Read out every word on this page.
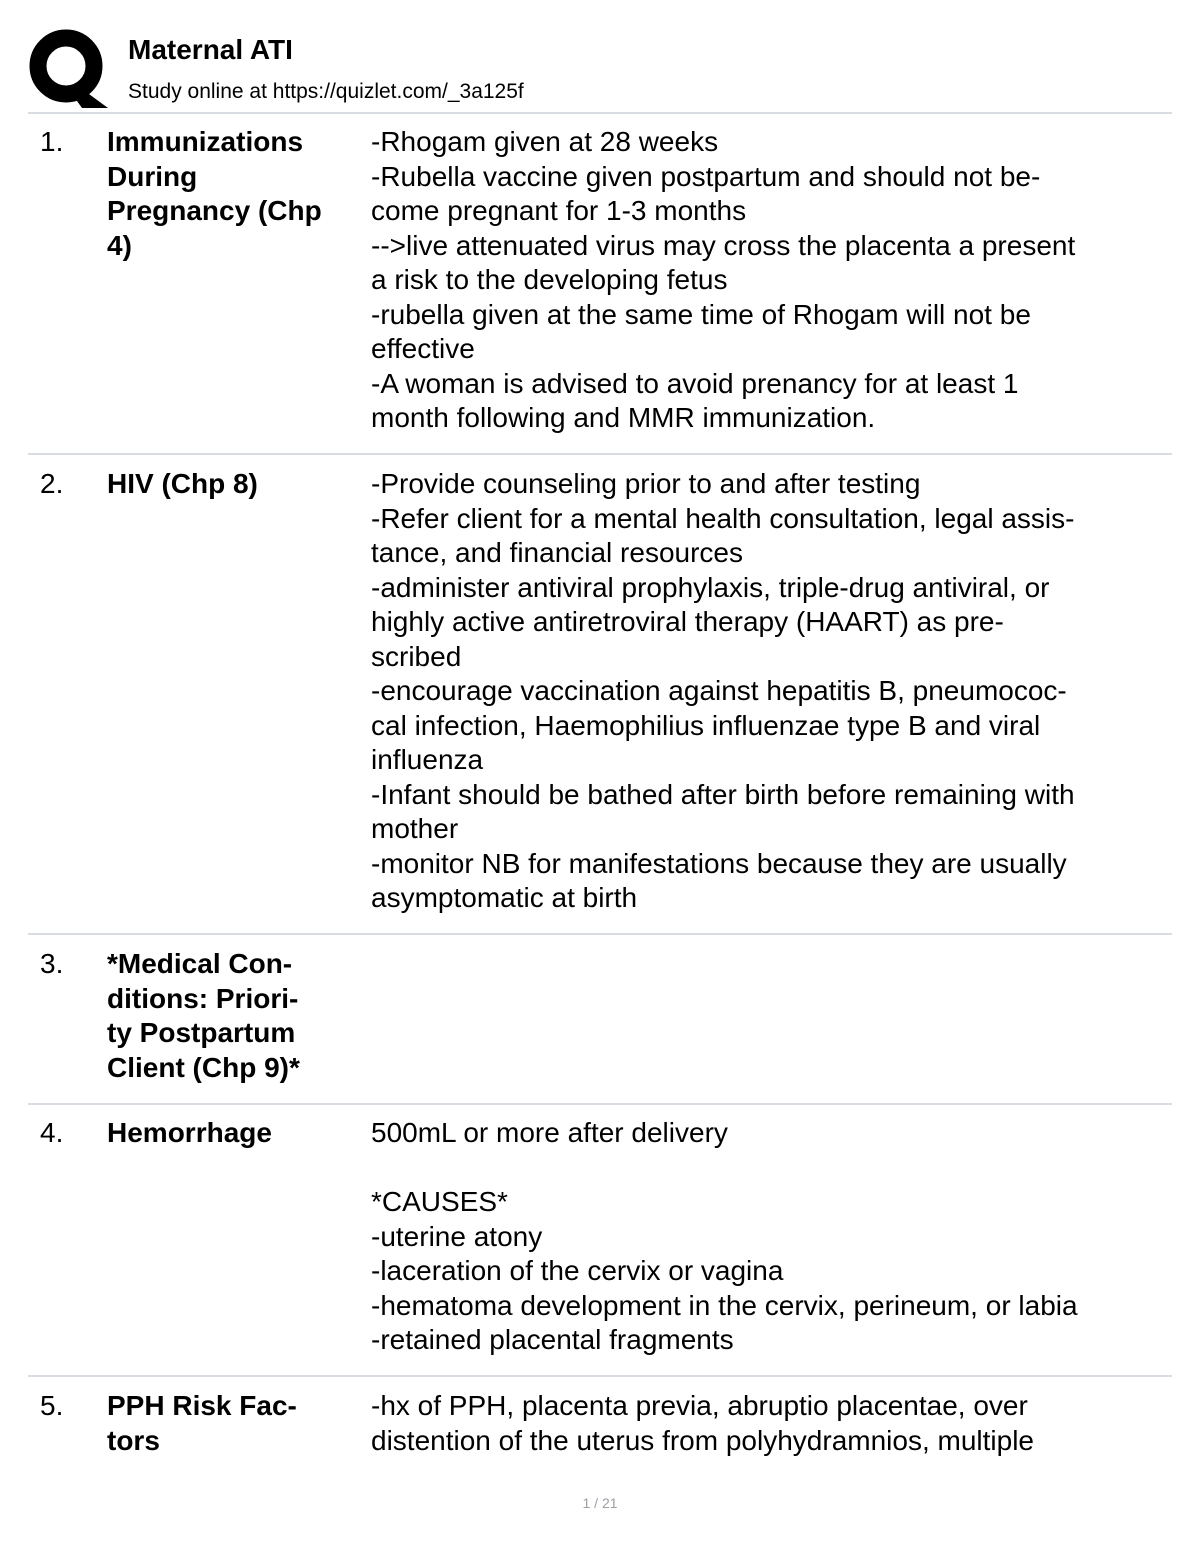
Maternal ATI
Study online at https://quizlet.com/_3a125f
1. Immunizations
During
Pregnancy (Chp
4)
-Rhogam given at 28 weeks
-Rubella vaccine given postpartum and should not be-
come pregnant for 1-3 months
-->live attenuated virus may cross the placenta a present
a risk to the developing fetus
-rubella given at the same time of Rhogam will not be
effective
-A woman is advised to avoid prenancy for at least 1
month following and MMR immunization.
2. HIV (Chp 8)	-Provide counseling prior to and after testing
-Refer client for a mental health consultation, legal assis-
tance, and financial resources
-administer antiviral prophylaxis, triple-drug antiviral, or
highly active antiretroviral therapy (HAART) as pre-
scribed
-encourage vaccination against hepatitis B, pneumococ-
cal infection, Haemophilius influenzae type B and viral
influenza
-Infant should be bathed after birth before remaining with
mother
-monitor NB for manifestations because they are usually
asymptomatic at birth
3. *Medical Con-
ditions: Priori-
ty Postpartum
Client (Chp 9)*
4. Hemorrhage	500mL or more after delivery
*CAUSES*
-uterine atony
-laceration of the cervix or vagina
-hematoma development in the cervix, perineum, or labia
-retained placental fragments
5. PPH Risk Fac-
tors
-hx of PPH, placenta previa, abruptio placentae, over
distention of the uterus from polyhydramnios, multiple
1 / 21
